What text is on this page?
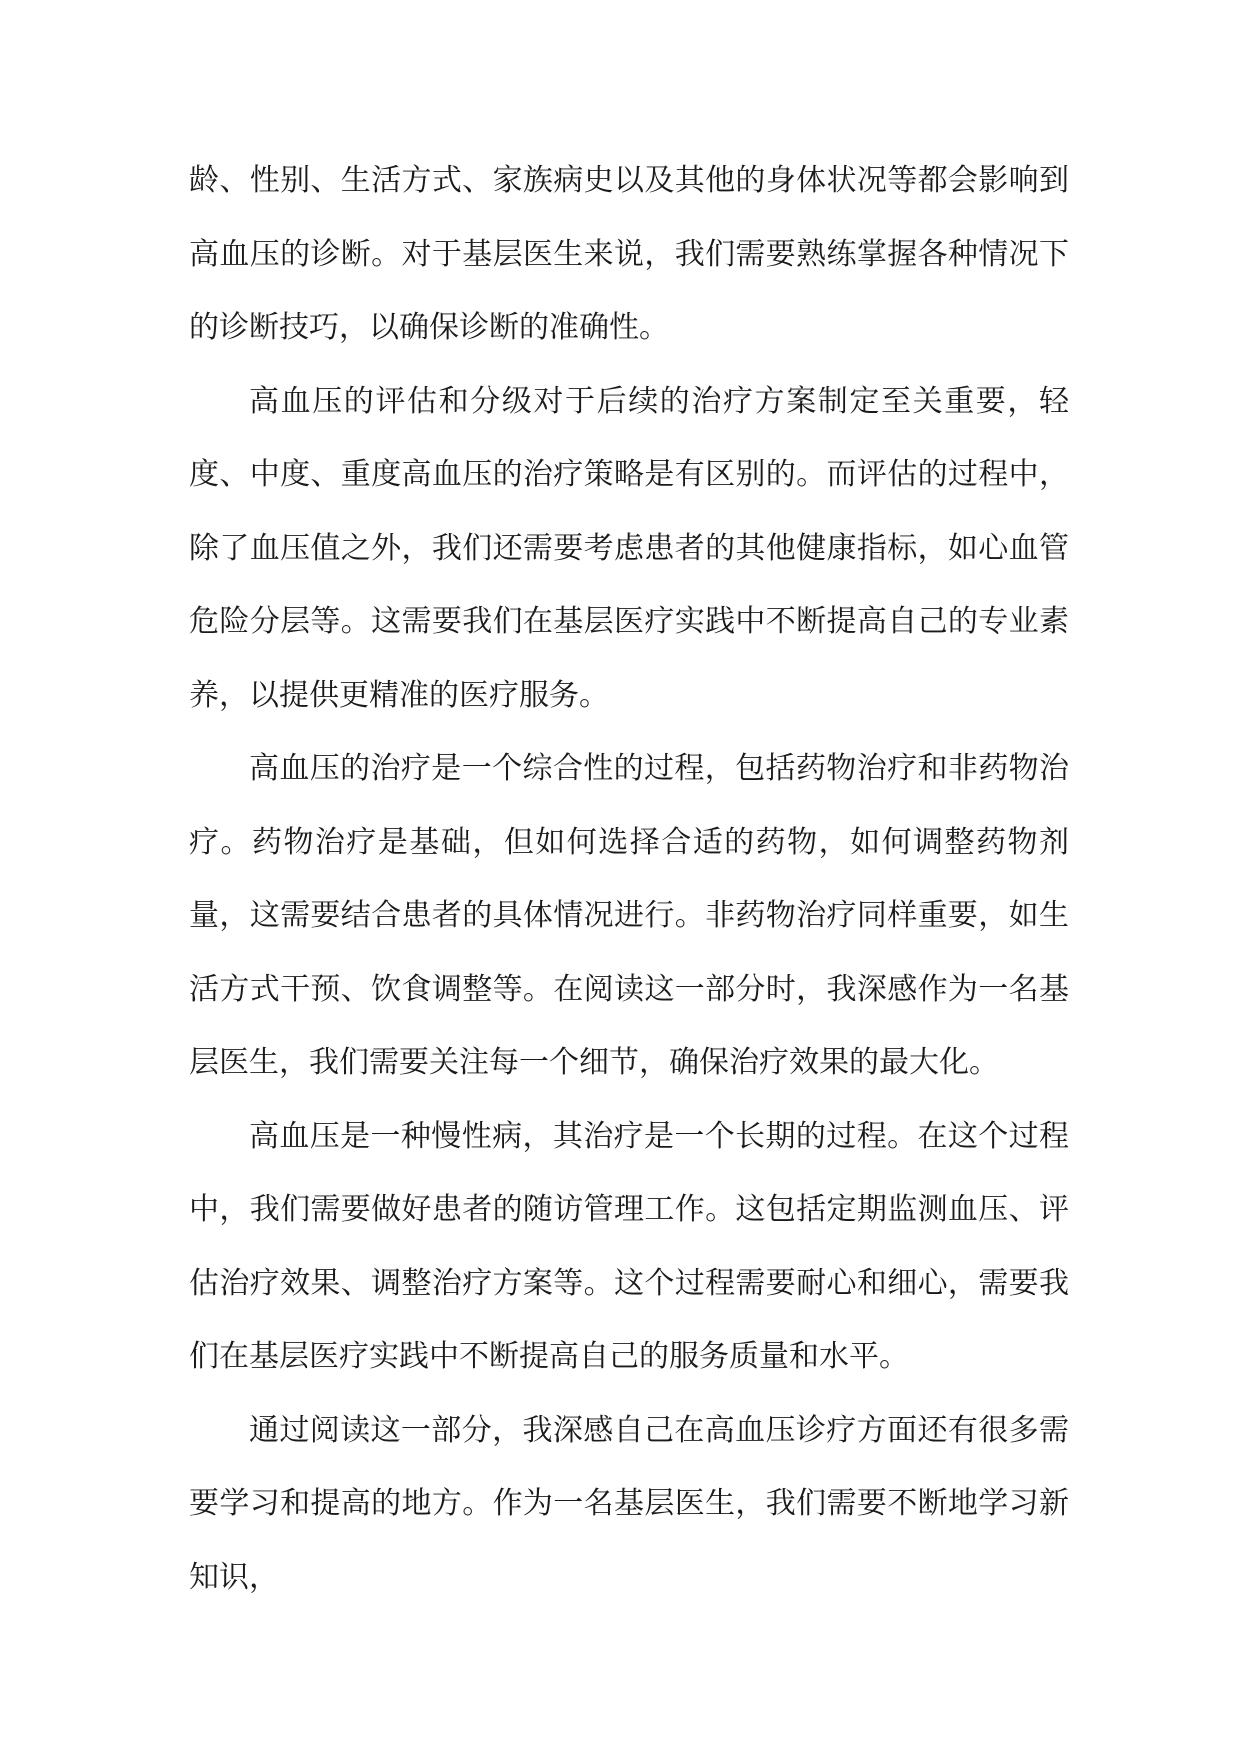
龄、性别、生活方式、家族病史以及其他的身体状况等都会影响到高血压的诊断。对于基层医生来说，我们需要熟练掌握各种情况下的诊断技巧，以确保诊断的准确性。

高血压的评估和分级对于后续的治疗方案制定至关重要，轻度、中度、重度高血压的治疗策略是有区别的。而评估的过程中，除了血压值之外，我们还需要考虑患者的其他健康指标，如心血管危险分层等。这需要我们在基层医疗实践中不断提高自己的专业素养，以提供更精准的医疗服务。

高血压的治疗是一个综合性的过程，包括药物治疗和非药物治疗。药物治疗是基础，但如何选择合适的药物，如何调整药物剂量，这需要结合患者的具体情况进行。非药物治疗同样重要，如生活方式干预、饮食调整等。在阅读这一部分时，我深感作为一名基层医生，我们需要关注每一个细节，确保治疗效果的最大化。

高血压是一种慢性病，其治疗是一个长期的过程。在这个过程中，我们需要做好患者的随访管理工作。这包括定期监测血压、评估治疗效果、调整治疗方案等。这个过程需要耐心和细心，需要我们在基层医疗实践中不断提高自己的服务质量和水平。

通过阅读这一部分，我深感自己在高血压诊疗方面还有很多需要学习和提高的地方。作为一名基层医生，我们需要不断地学习新知识，
